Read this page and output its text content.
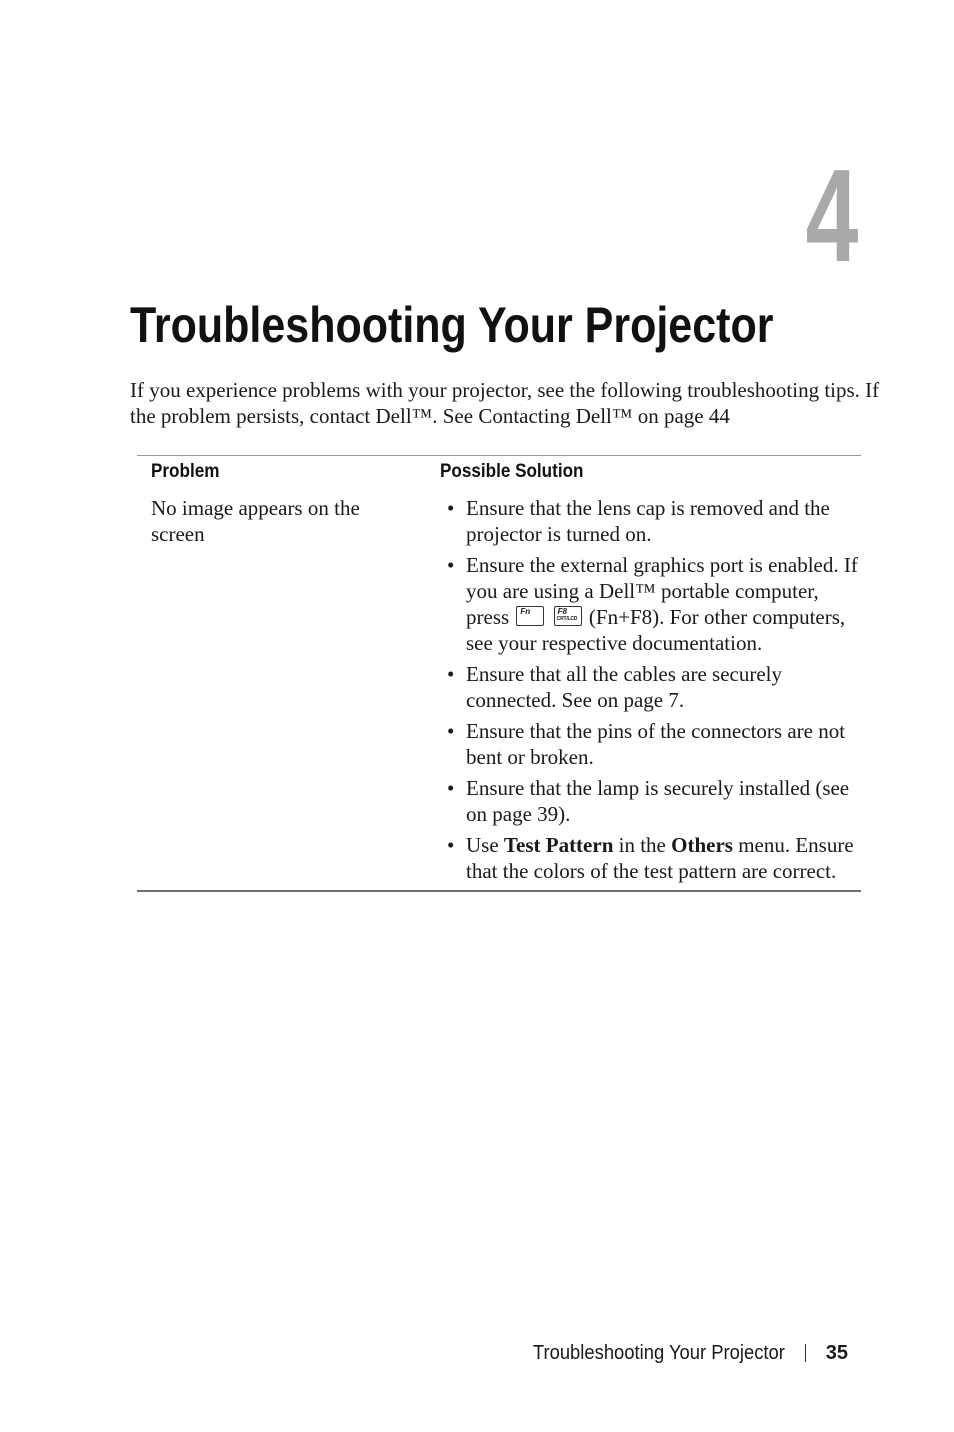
4
Troubleshooting Your Projector

If you experience problems with your projector, see the following troubleshooting tips. If the problem persists, contact Dell™. See Contacting Dell™ on page 44

Problem	Possible Solution
No image appears on the screen
• Ensure that the lens cap is removed and the projector is turned on.
• Ensure the external graphics port is enabled. If you are using a Dell™ portable computer, press Fn
	F8
CRT/LCD (Fn+F8). For other computers, see your respective documentation.
• Ensure that all the cables are securely connected. See on page 7.
• Ensure that the pins of the connectors are not bent or broken.
• Ensure that the lamp is securely installed (see on page 39).
• Use Test Pattern in the Others menu. Ensure that the colors of the test pattern are correct.
Troubleshooting Your Projector 35
